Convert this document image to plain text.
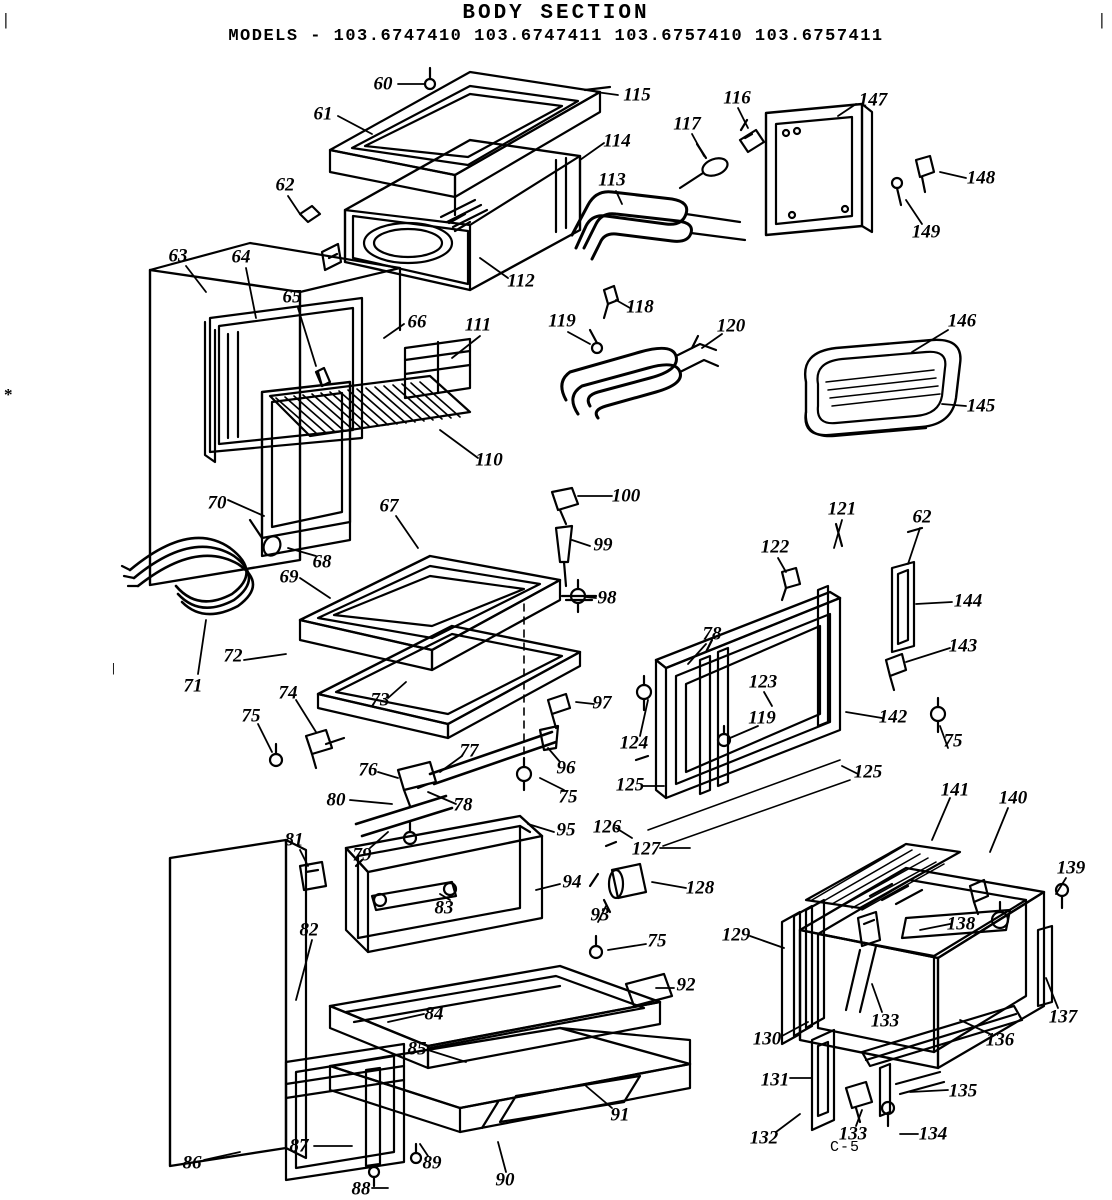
BODY SECTION
MODELS - 103.6747410 103.6747411 103.6757410 103.6757411
|	|
*
|
60
61
115	116	147
117
114
148
62	113
149
63 64
112
65	118
66 111	119	120	146
145
110
70	67	100
121	62
68
99	122
69
98	144
78
72
71
73
143
123
74	97
124
119	142
75
75
77
96
125
125
76
75
80	78
126
127
141 140
79
95
81
94	128
139
129
83	93	138
75
82
133	137
92
84
130	136
85
131
135
91
132	133	134
87
89
86
90
88
C-5
